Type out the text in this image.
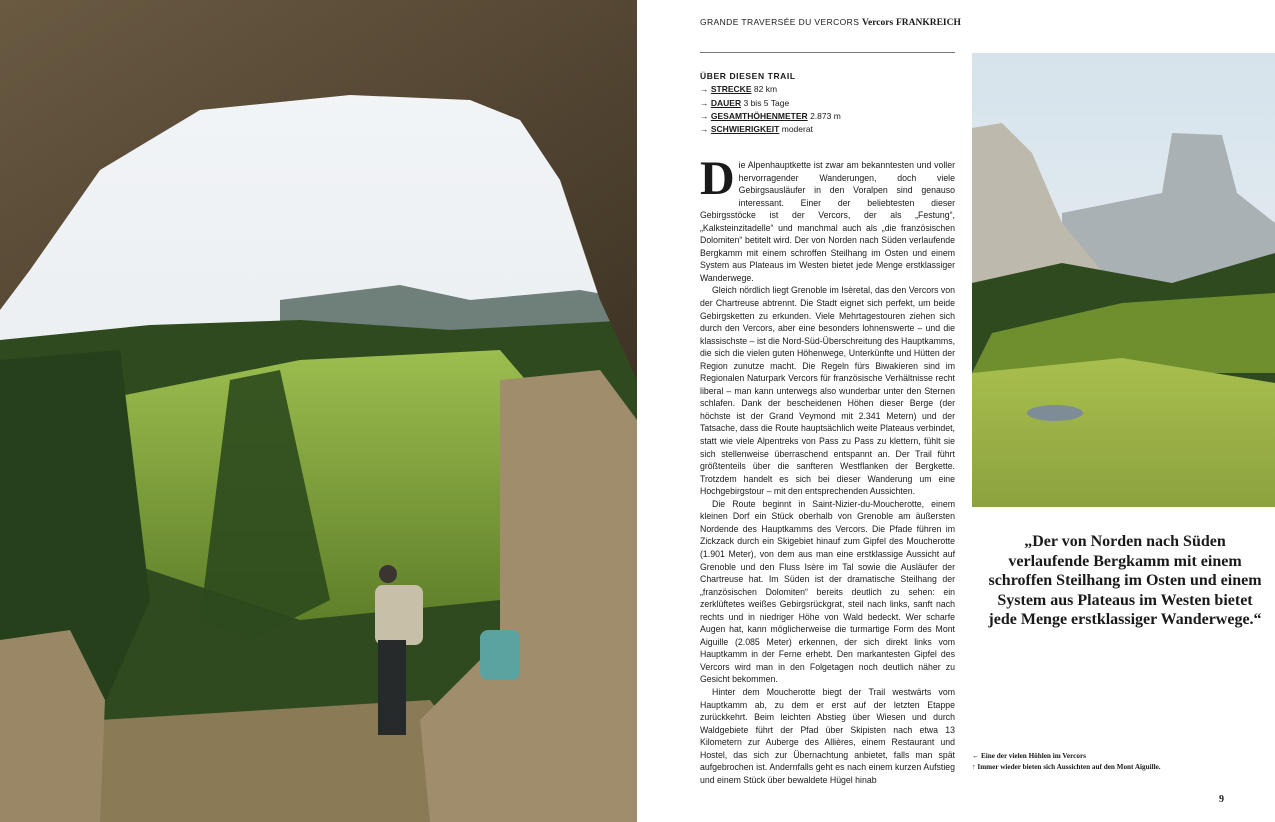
GRANDE TRAVERSÉE DU VERCORS Vercors FRANKREICH
ÜBER DIESEN TRAIL
→ STRECKE 82 km
→ DAUER 3 bis 5 Tage
→ GESAMTHÖHENMETER 2.873 m
→ SCHWIERIGKEIT moderat

Die Alpenhauptkette ist zwar am bekanntesten und voller hervorragender Wanderungen, doch viele Gebirgsausläufer in den Voralpen sind genauso interessant. Einer der beliebtesten dieser Gebirgsstöcke ist der Vercors, der als „Festung“, „Kalksteinzitadelle“ und manchmal auch als „die französischen Dolomiten“ betitelt wird. Der von Norden nach Süden verlaufende Bergkamm mit einem schroffen Steilhang im Osten und einem System aus Plateaus im Westen bietet jede Menge erstklassiger Wanderwege.

Gleich nördlich liegt Grenoble im Isèretal, das den Vercors von der Chartreuse abtrennt. Die Stadt eignet sich perfekt, um beide Gebirgsketten zu erkunden. Viele Mehrtagestouren ziehen sich durch den Vercors, aber eine besonders lohnenswerte – und die klassischste – ist die Nord-Süd-Überschreitung des Hauptkamms, die sich die vielen guten Höhenwege, Unterkünfte und Hütten der Region zunutze macht. Die Regeln fürs Biwakieren sind im Regionalen Naturpark Vercors für französische Verhältnisse recht liberal – man kann unterwegs also wunderbar unter den Sternen schlafen. Dank der bescheidenen Höhen dieser Berge (der höchste ist der Grand Veymond mit 2.341 Metern) und der Tatsache, dass die Route hauptsächlich weite Plateaus verbindet, statt wie viele Alpentreks von Pass zu Pass zu klettern, fühlt sie sich stellenweise überraschend entspannt an. Der Trail führt größtenteils über die sanfteren Westflanken der Bergkette. Trotzdem handelt es sich bei dieser Wanderung um eine Hochgebirgstour – mit den entsprechenden Aussichten.

Die Route beginnt in Saint-Nizier-du-Moucherotte, einem kleinen Dorf ein Stück oberhalb von Grenoble am äußersten Nordende des Hauptkamms des Vercors. Die Pfade führen im Zickzack durch ein Skigebiet hinauf zum Gipfel des Moucherotte (1.901 Meter), von dem aus man eine erstklassige Aussicht auf Grenoble und den Fluss Isère im Tal sowie die Ausläufer der Chartreuse hat. Im Süden ist der dramatische Steilhang der „französischen Dolomiten“ bereits deutlich zu sehen: ein zerklüftetes weißes Gebirgsrückgrat, steil nach links, sanft nach rechts und in niedriger Höhe von Wald bedeckt. Wer scharfe Augen hat, kann möglicherweise die turmartige Form des Mont Aiguille (2.085 Meter) erkennen, der sich direkt links vom Hauptkamm in der Ferne erhebt. Den markantesten Gipfel des Vercors wird man in den Folgetagen noch deutlich näher zu Gesicht bekommen.

Hinter dem Moucherotte biegt der Trail westwärts vom Hauptkamm ab, zu dem er erst auf der letzten Etappe zurückkehrt. Beim leichten Abstieg über Wiesen und durch Waldgebiete führt der Pfad über Skipisten nach etwa 13 Kilometern zur Auberge des Allières, einem Restaurant und Hostel, das sich zur Übernachtung anbietet, falls man spät aufgebrochen ist. Andernfalls geht es nach einem kurzen Aufstieg und einem Stück über bewaldete Hügel hinab

„Der von Norden nach Süden verlaufende Bergkamm mit einem schroffen Steilhang im Osten und einem System aus Plateaus im Westen bietet jede Menge erstklassiger Wanderwege.“
← Eine der vielen Höhlen im Vercors
↑ Immer wieder bieten sich Aussichten auf den Mont Aiguille.
9
